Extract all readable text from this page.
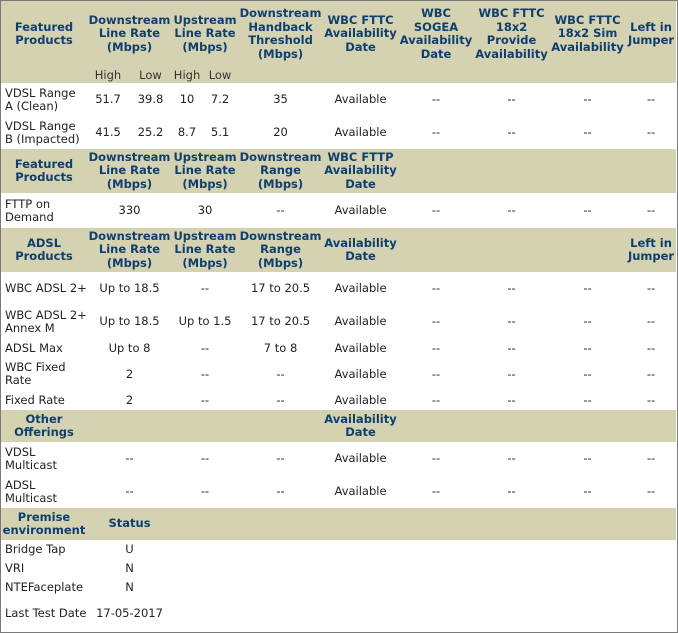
Featured Products	Downstream Line Rate (Mbps)		Upstream Line Rate (Mbps)		Downstream Handback Threshold (Mbps)	WBC FTTC Availability Date	WBC SOGEA Availability Date	WBC FTTC 18x2 Provide Availability	WBC FTTC 18x2 Sim Availability	Left in Jumper
	High	Low	High	Low						
VDSL Range A (Clean)	51.7	39.8	10	7.2	35	Available	--	--	--	--
VDSL Range B (Impacted)	41.5	25.2	8.7	5.1	20	Available	--	--	--	--
Featured Products	Downstream Line Rate (Mbps)		Upstream Line Rate (Mbps)		Downstream Range (Mbps)	WBC FTTP Availability Date				
FTTP on Demand	330		30		--	Available	--	--	--	--
ADSL Products	Downstream Line Rate (Mbps)		Upstream Line Rate (Mbps)		Downstream Range (Mbps)	Availability Date				Left in Jumper
WBC ADSL 2+	Up to 18.5		--		17 to 20.5	Available	--	--	--	--
WBC ADSL 2+ Annex M	Up to 18.5		Up to 1.5		17 to 20.5	Available	--	--	--	--
ADSL Max	Up to 8		--		7 to 8	Available	--	--	--	--
WBC Fixed Rate	2		--		--	Available	--	--	--	--
Fixed Rate	2		--		--	Available	--	--	--	--
Other Offerings						Availability Date				
VDSL Multicast	--		--		--	Available	--	--	--	--
ADSL Multicast	--		--		--	Available	--	--	--	--
Premise environment	Status									
Bridge Tap	U									
VRI	N									
NTEFaceplate	N									
Last Test Date	17-05-2017									
